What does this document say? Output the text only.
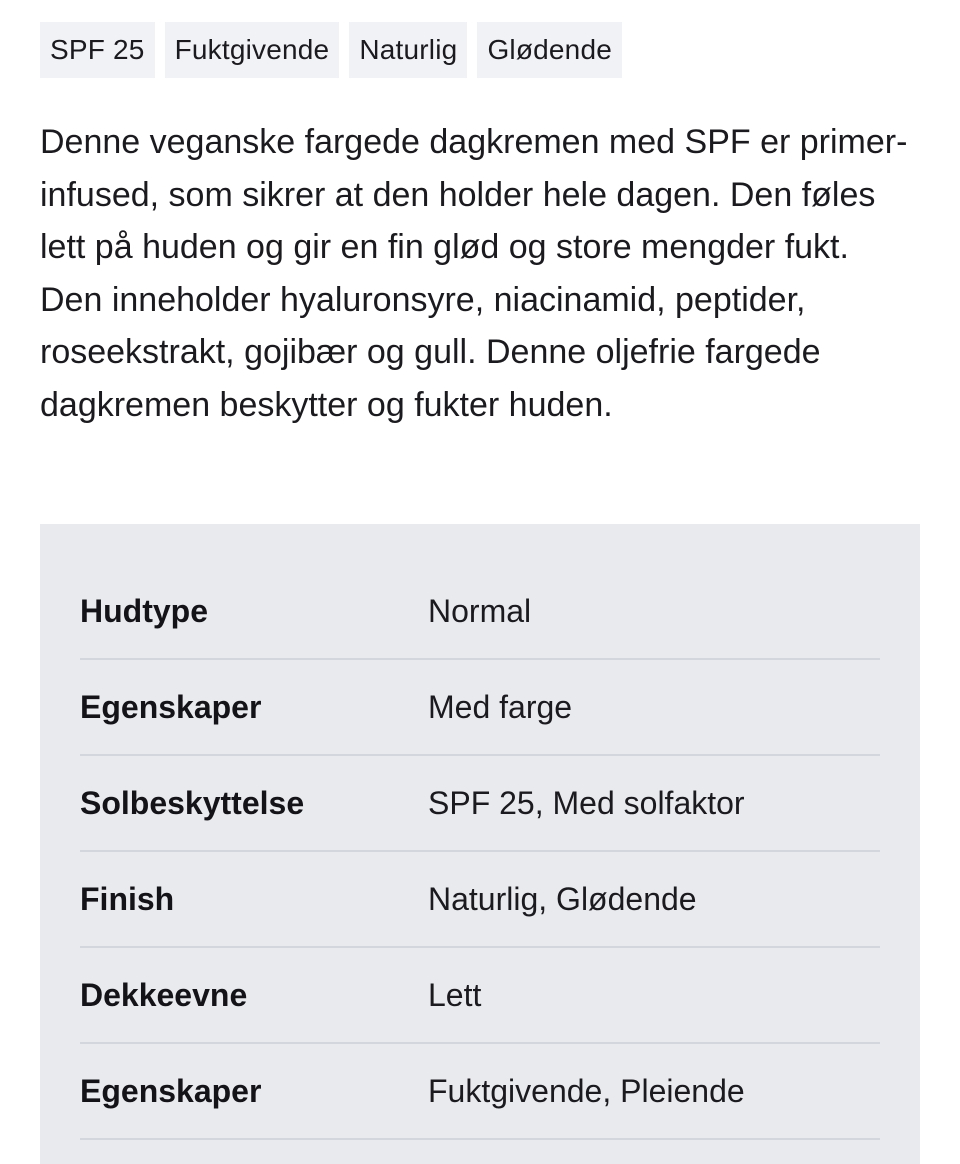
SPF 25	Fuktgivende	Naturlig	Glødende

Denne veganske fargede dagkremen med SPF er primer-infused, som sikrer at den holder hele dagen. Den føles lett på huden og gir en fin glød og store mengder fukt. Den inneholder hyaluronsyre, niacinamid, peptider, roseekstrakt, gojibær og gull. Denne oljefrie fargede dagkremen beskytter og fukter huden.

Hudtype	Normal
Egenskaper	Med farge
Solbeskyttelse	SPF 25, Med solfaktor
Finish	Naturlig, Glødende
Dekkeevne	Lett
Egenskaper	Fuktgivende, Pleiende
